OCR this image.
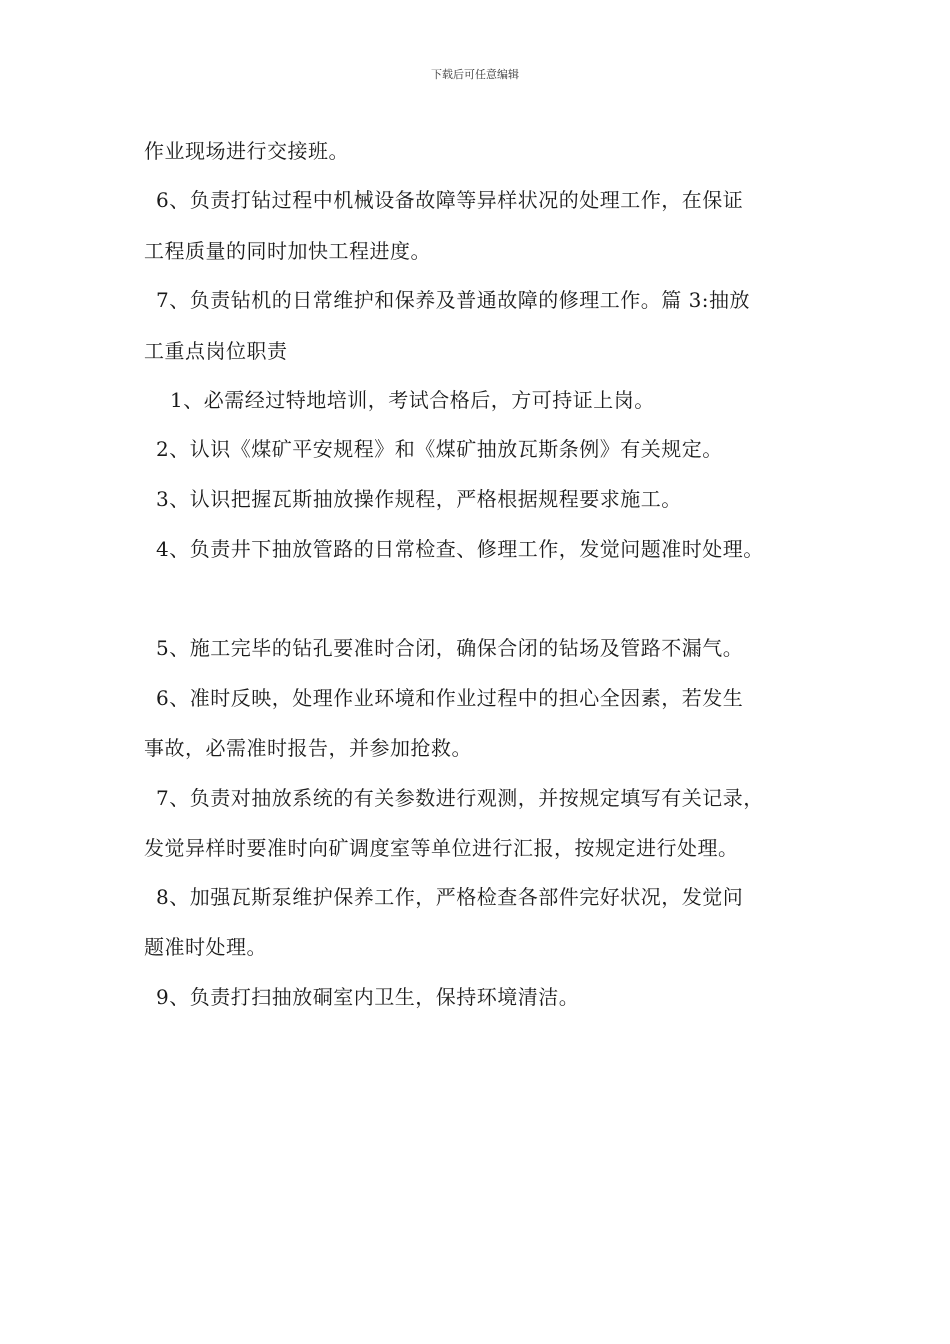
下载后可任意编辑
作业现场进行交接班。
6、负责打钻过程中机械设备故障等异样状况的处理工作，在保证
工程质量的同时加快工程进度。
7、负责钻机的日常维护和保养及普通故障的修理工作。篇 3:抽放
工重点岗位职责
1、必需经过特地培训，考试合格后，方可持证上岗。
2、认识《煤矿平安规程》和《煤矿抽放瓦斯条例》有关规定。
3、认识把握瓦斯抽放操作规程，严格根据规程要求施工。
4、负责井下抽放管路的日常检查、修理工作，发觉问题准时处理。
5、施工完毕的钻孔要准时合闭，确保合闭的钻场及管路不漏气。
6、准时反映，处理作业环境和作业过程中的担心全因素，若发生
事故，必需准时报告，并参加抢救。
7、负责对抽放系统的有关参数进行观测，并按规定填写有关记录，
发觉异样时要准时向矿调度室等单位进行汇报，按规定进行处理。
8、加强瓦斯泵维护保养工作，严格检查各部件完好状况，发觉问
题准时处理。
9、负责打扫抽放硐室内卫生，保持环境清洁。
